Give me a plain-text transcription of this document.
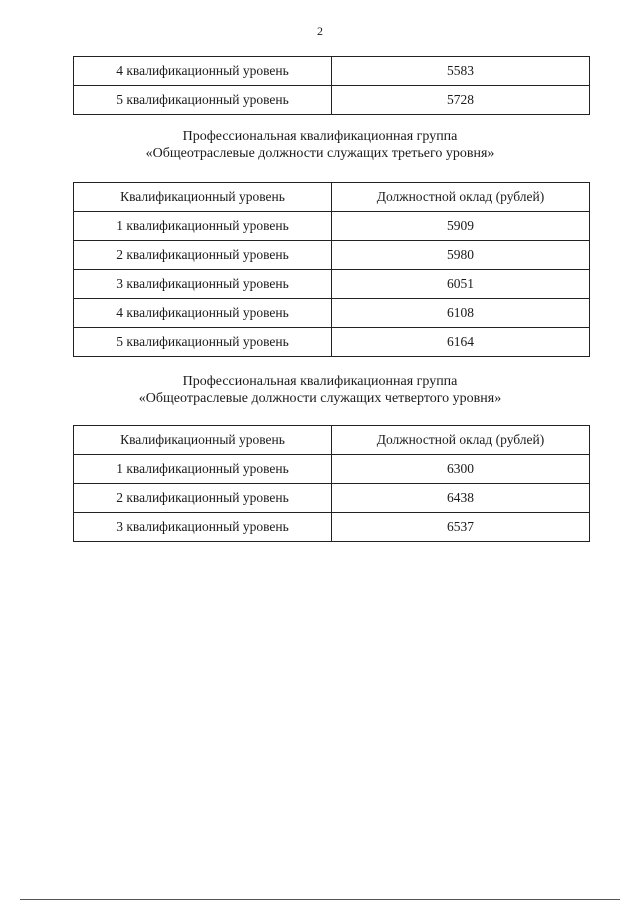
2
4 квалификационный уровень	5583
5 квалификационный уровень	5728
Профессиональная квалификационная группа
«Общеотраслевые должности служащих третьего уровня»
Квалификационный уровень	Должностной оклад (рублей)
1 квалификационный уровень	5909
2 квалификационный уровень	5980
3 квалификационный уровень	6051
4 квалификационный уровень	6108
5 квалификационный уровень	6164
Профессиональная квалификационная группа
«Общеотраслевые должности служащих четвертого уровня»
Квалификационный уровень	Должностной оклад (рублей)
1 квалификационный уровень	6300
2 квалификационный уровень	6438
3 квалификационный уровень	6537
